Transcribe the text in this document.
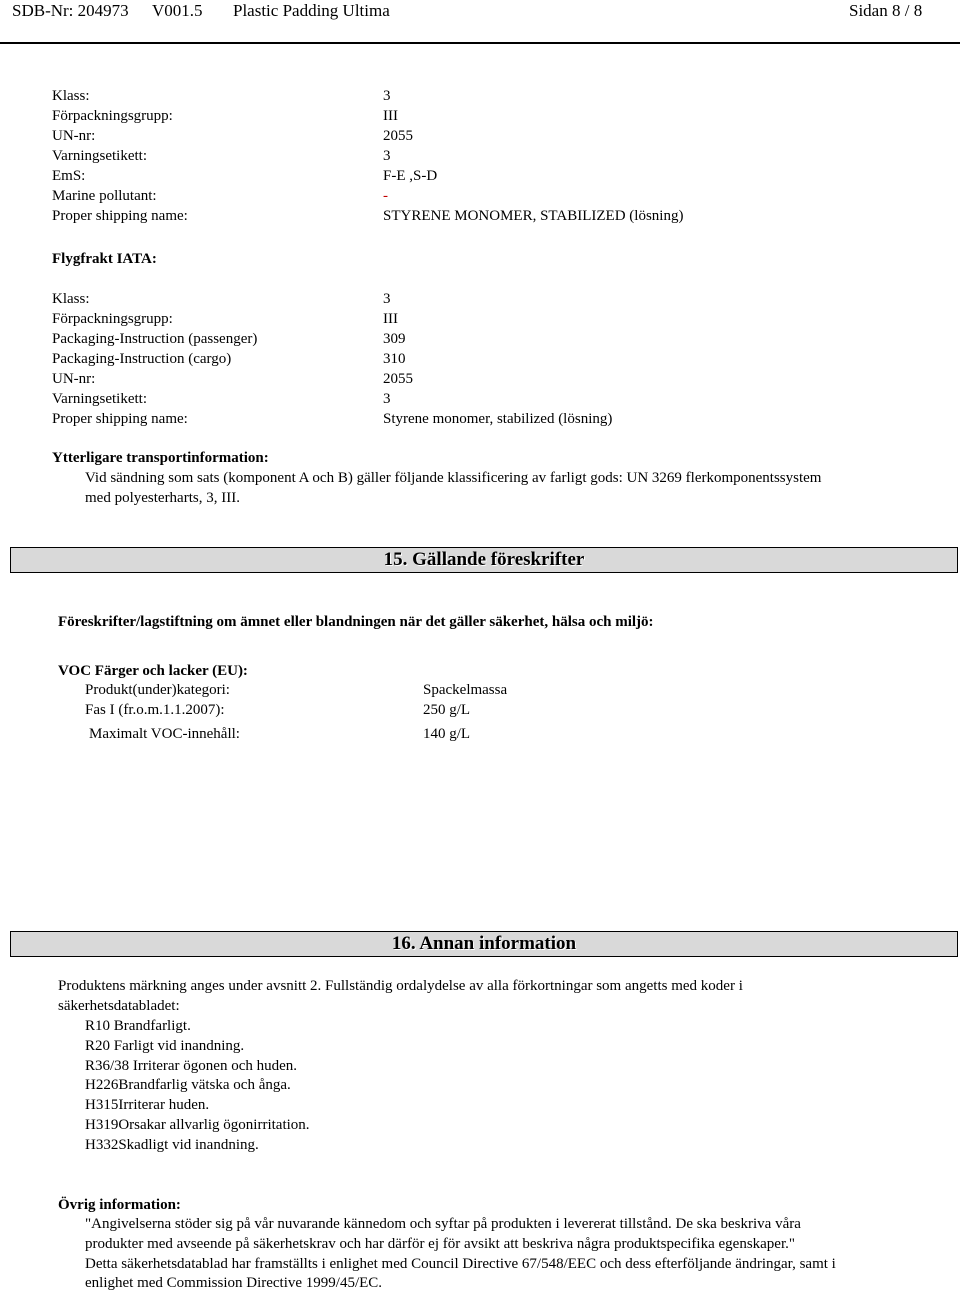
SDB-Nr: 204973 V001.5 Plastic Padding Ultima	Sidan 8 / 8
Klass:	3
Förpackningsgrupp:	III
UN-nr:	2055
Varningsetikett:	3
EmS:	F-E ,S-D
Marine pollutant:	-
Proper shipping name:	STYRENE MONOMER, STABILIZED (lösning)
Flygfrakt IATA:
Klass:	3
Förpackningsgrupp:	III
Packaging-Instruction (passenger)	309
Packaging-Instruction (cargo)	310
UN-nr:	2055
Varningsetikett:	3
Proper shipping name:	Styrene monomer, stabilized (lösning)
Ytterligare transportinformation:
Vid sändning som sats (komponent A och B) gäller följande klassificering av farligt gods: UN 3269 flerkomponentssystem
med polyesterharts, 3, III.
15. Gällande föreskrifter
Föreskrifter/lagstiftning om ämnet eller blandningen när det gäller säkerhet, hälsa och miljö:
VOC Färger och lacker (EU):
Produkt(under)kategori:	Spackelmassa
Fas I (fr.o.m.1.1.2007):	250 g/L
Maximalt VOC-innehåll:	140 g/L
16. Annan information
Produktens märkning anges under avsnitt 2. Fullständig ordalydelse av alla förkortningar som angetts med koder i
säkerhetsdatabladet:
R10 Brandfarligt.
R20 Farligt vid inandning.
R36/38 Irriterar ögonen och huden.
H226Brandfarlig vätska och ånga.
H315Irriterar huden.
H319Orsakar allvarlig ögonirritation.
H332Skadligt vid inandning.
Övrig information:
"Angivelserna stöder sig på vår nuvarande kännedom och syftar på produkten i levererat tillstånd. De ska beskriva våra
produkter med avseende på säkerhetskrav och har därför ej för avsikt att beskriva några produktspecifika egenskaper."
Detta säkerhetsdatablad har framställts i enlighet med Council Directive 67/548/EEC och dess efterföljande ändringar, samt i
enlighet med Commission Directive 1999/45/EC.
